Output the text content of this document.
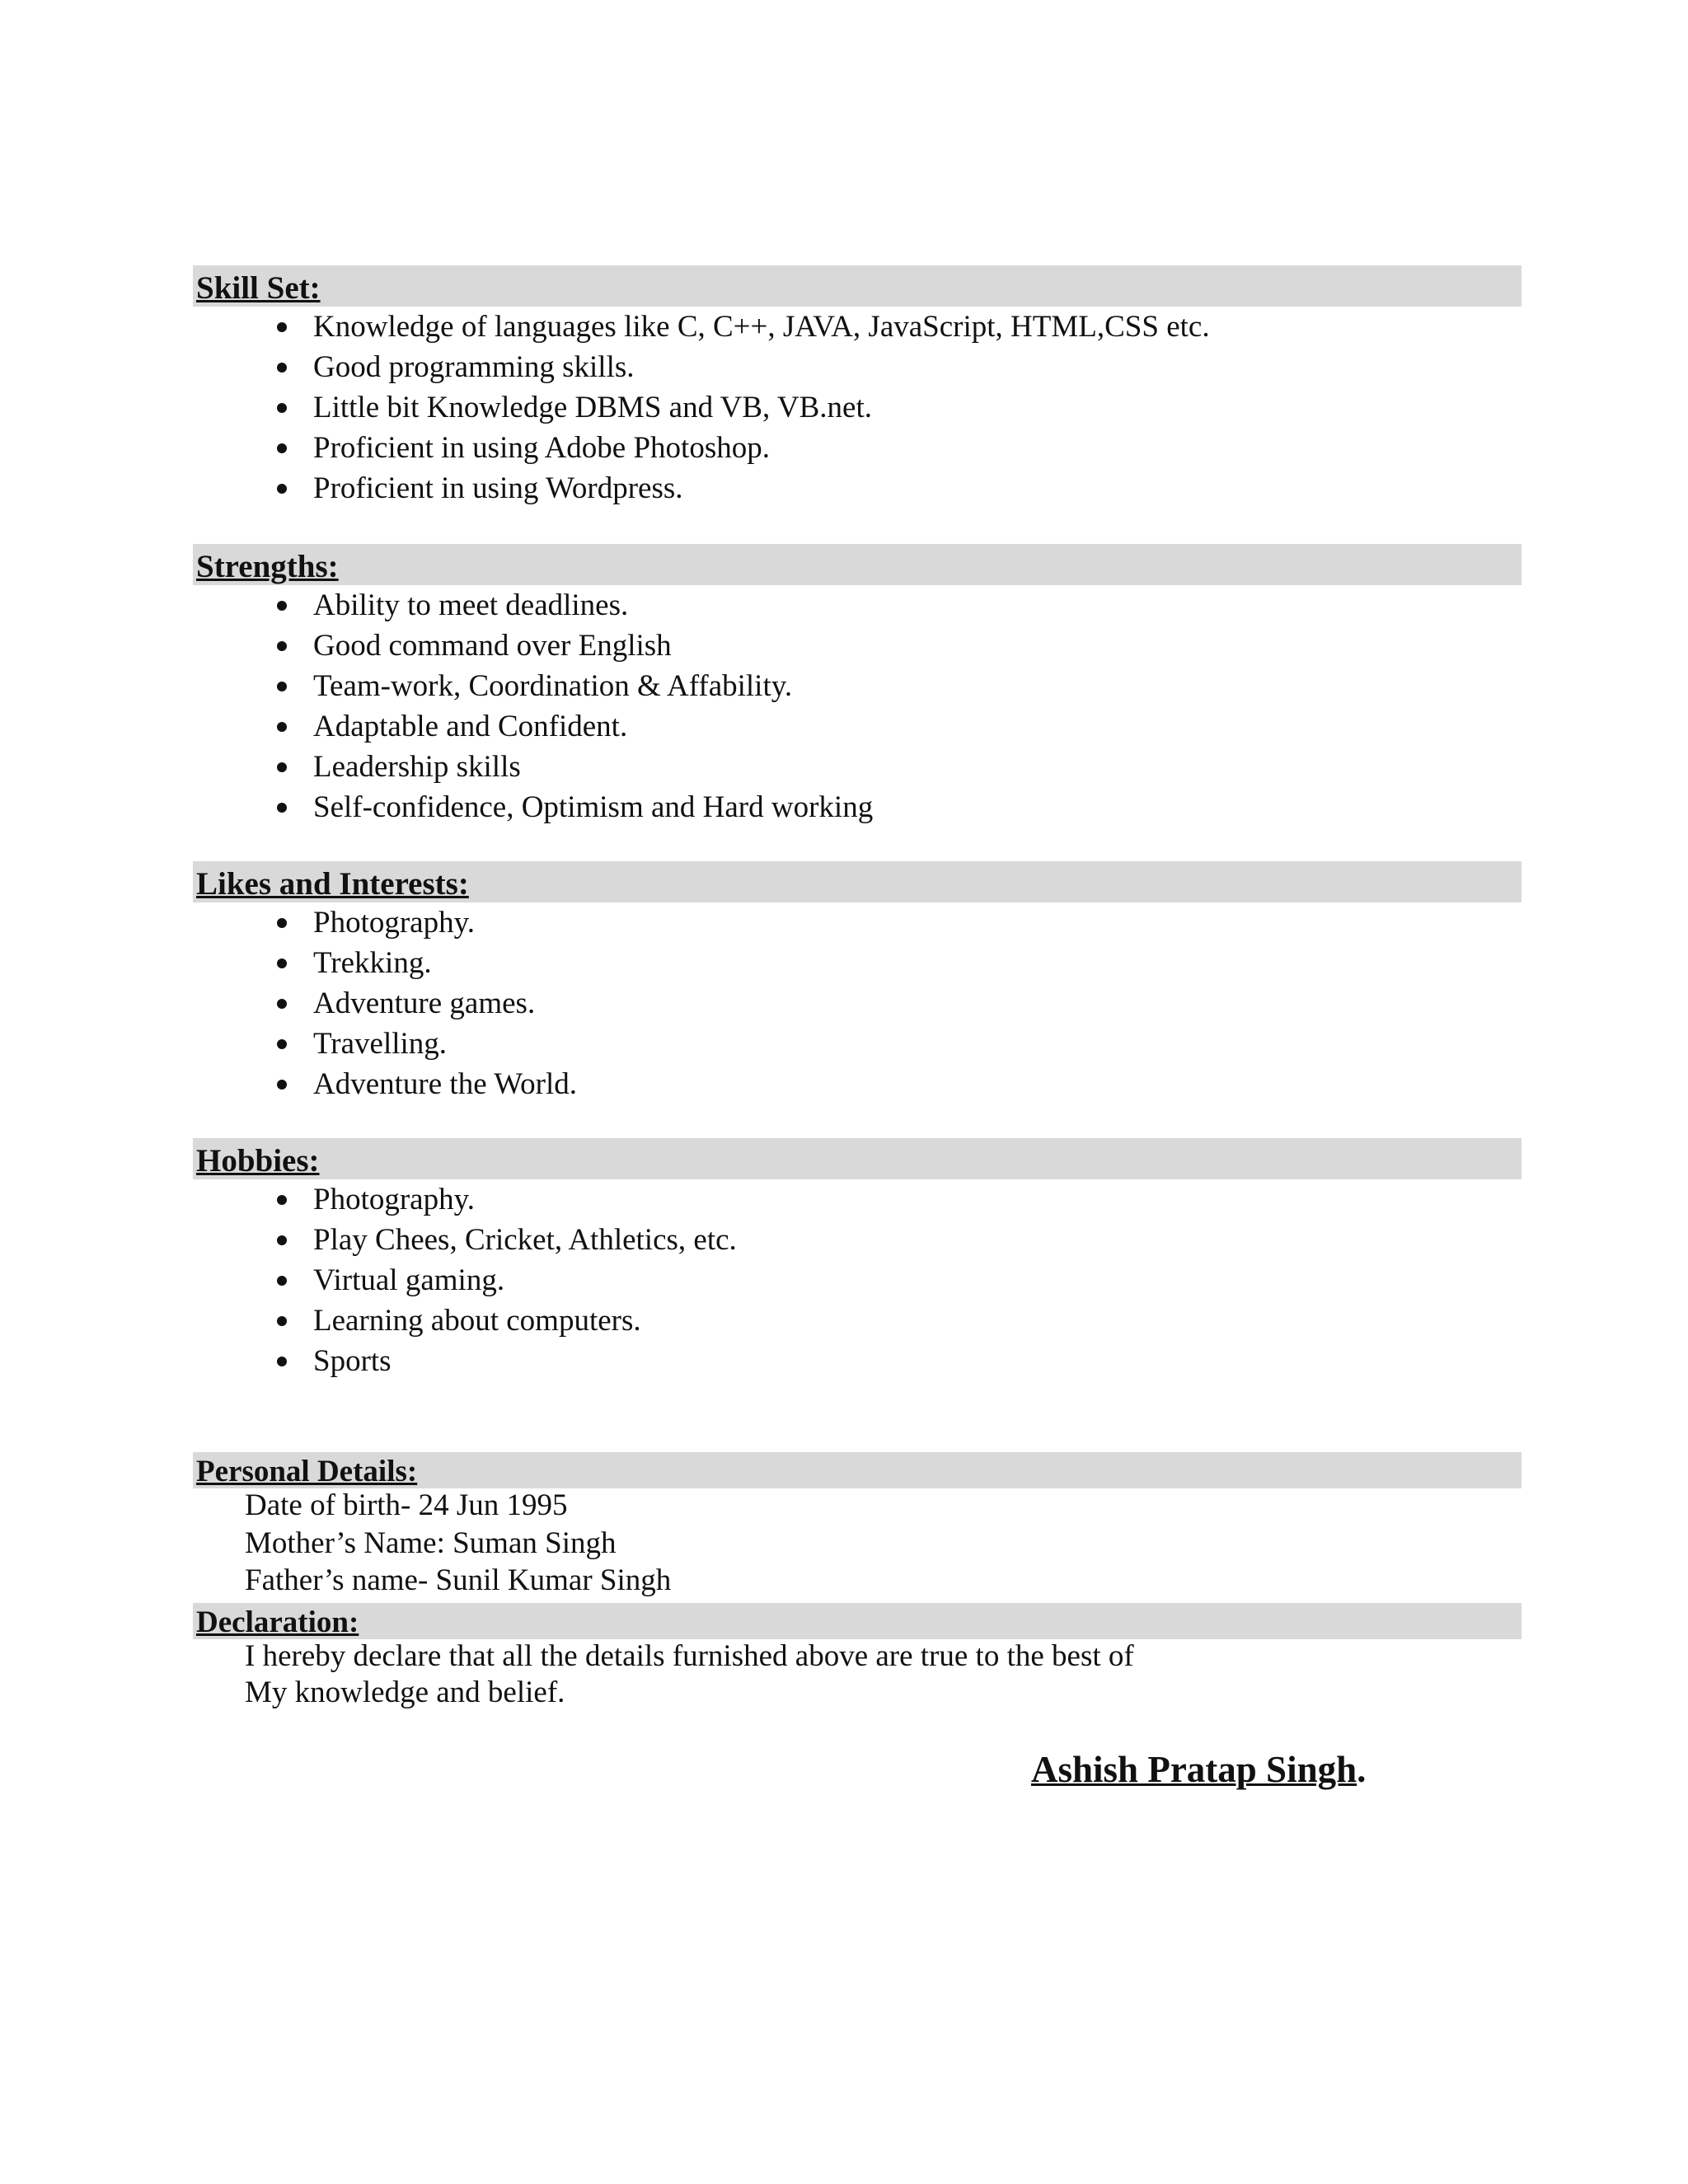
Skill Set:
Knowledge of languages like C, C++, JAVA, JavaScript, HTML,CSS etc.
Good programming skills.
Little bit Knowledge DBMS and VB, VB.net.
Proficient in using Adobe Photoshop.
Proficient in using Wordpress.
Strengths:
Ability to meet deadlines.
Good command over English
Team-work, Coordination & Affability.
Adaptable and Confident.
Leadership skills
Self-confidence, Optimism and Hard working
Likes and Interests:
Photography.
Trekking.
Adventure games.
Travelling.
Adventure the World.
Hobbies:
Photography.
Play Chees, Cricket, Athletics, etc.
Virtual gaming.
Learning about computers.
Sports
Personal Details:
Date of birth- 24 Jun 1995
Mother’s Name: Suman Singh
Father’s name- Sunil Kumar Singh
Declaration:
I hereby declare that all the details furnished above are true to the best of
My knowledge and belief.
Ashish Pratap Singh.
